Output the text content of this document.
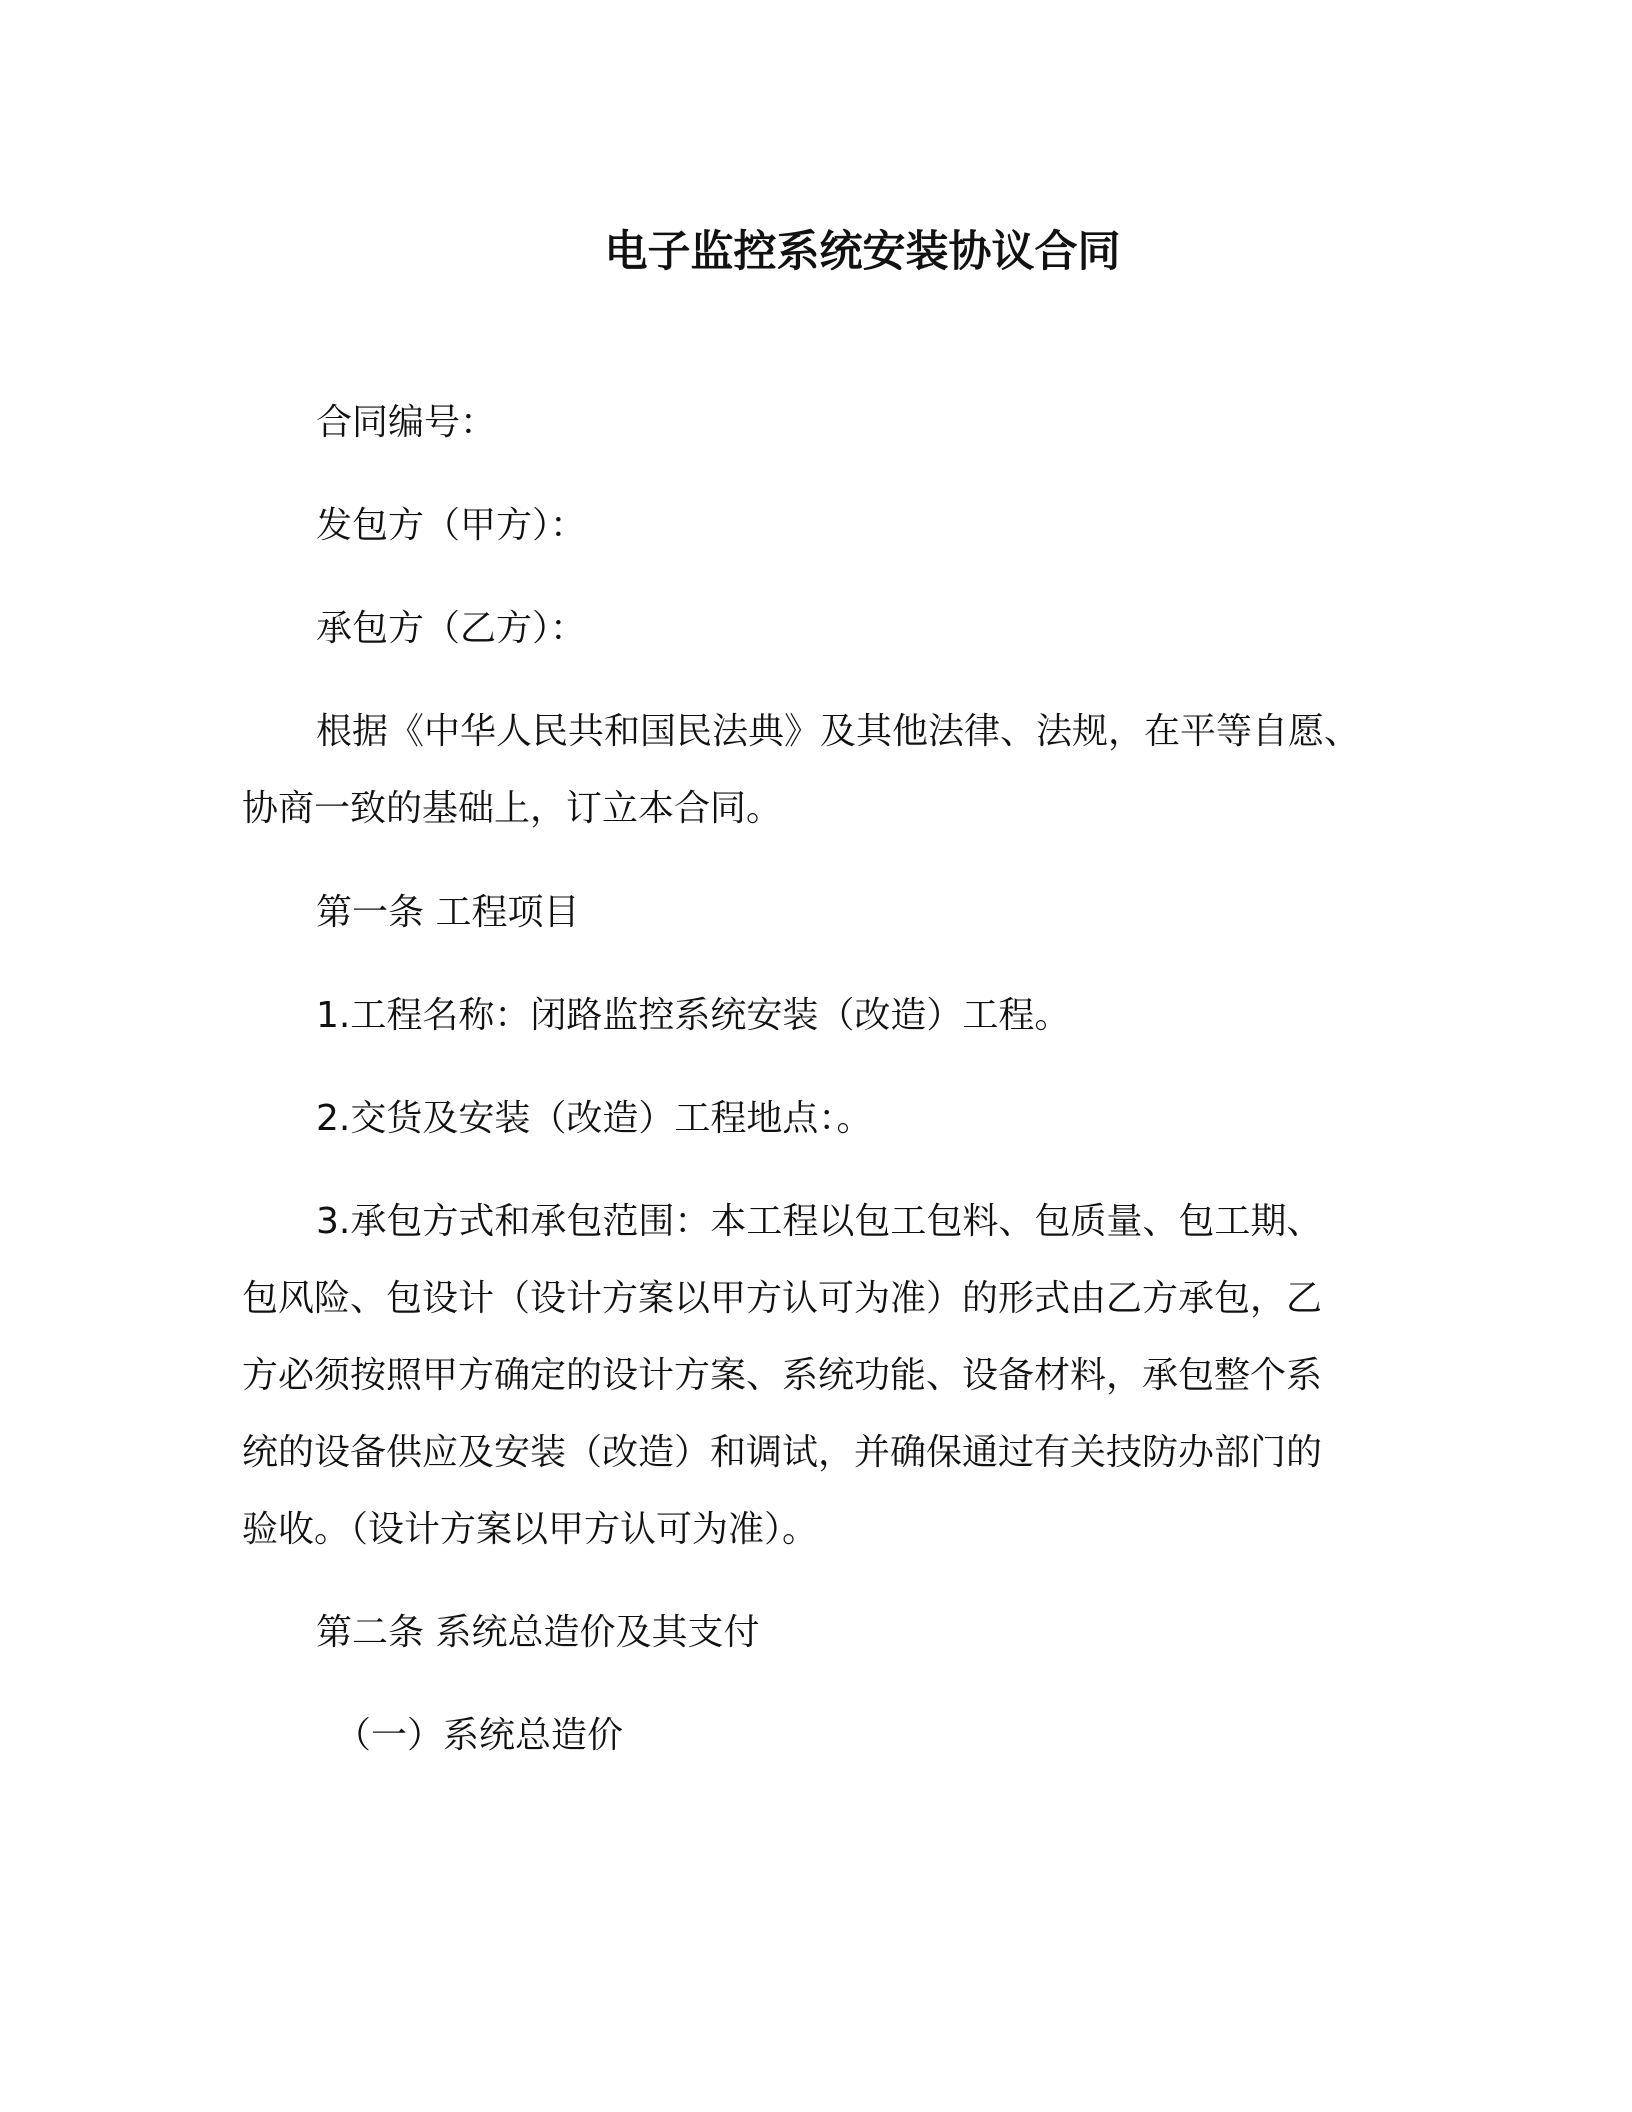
电子监控系统安装协议合同
合同编号：
发包方（甲方）：
承包方（乙方）：
根据《中华人民共和国民法典》及其他法律、法规，在平等自愿、
协商一致的基础上，订立本合同。
第一条 工程项目
1.工程名称：闭路监控系统安装（改造）工程。
2.交货及安装（改造）工程地点：。
3.承包方式和承包范围：本工程以包工包料、包质量、包工期、
包风险、包设计（设计方案以甲方认可为准）的形式由乙方承包，乙
方必须按照甲方确定的设计方案、系统功能、设备材料，承包整个系
统的设备供应及安装（改造）和调试，并确保通过有关技防办部门的
验收。（设计方案以甲方认可为准）。
第二条 系统总造价及其支付
（一）系统总造价
